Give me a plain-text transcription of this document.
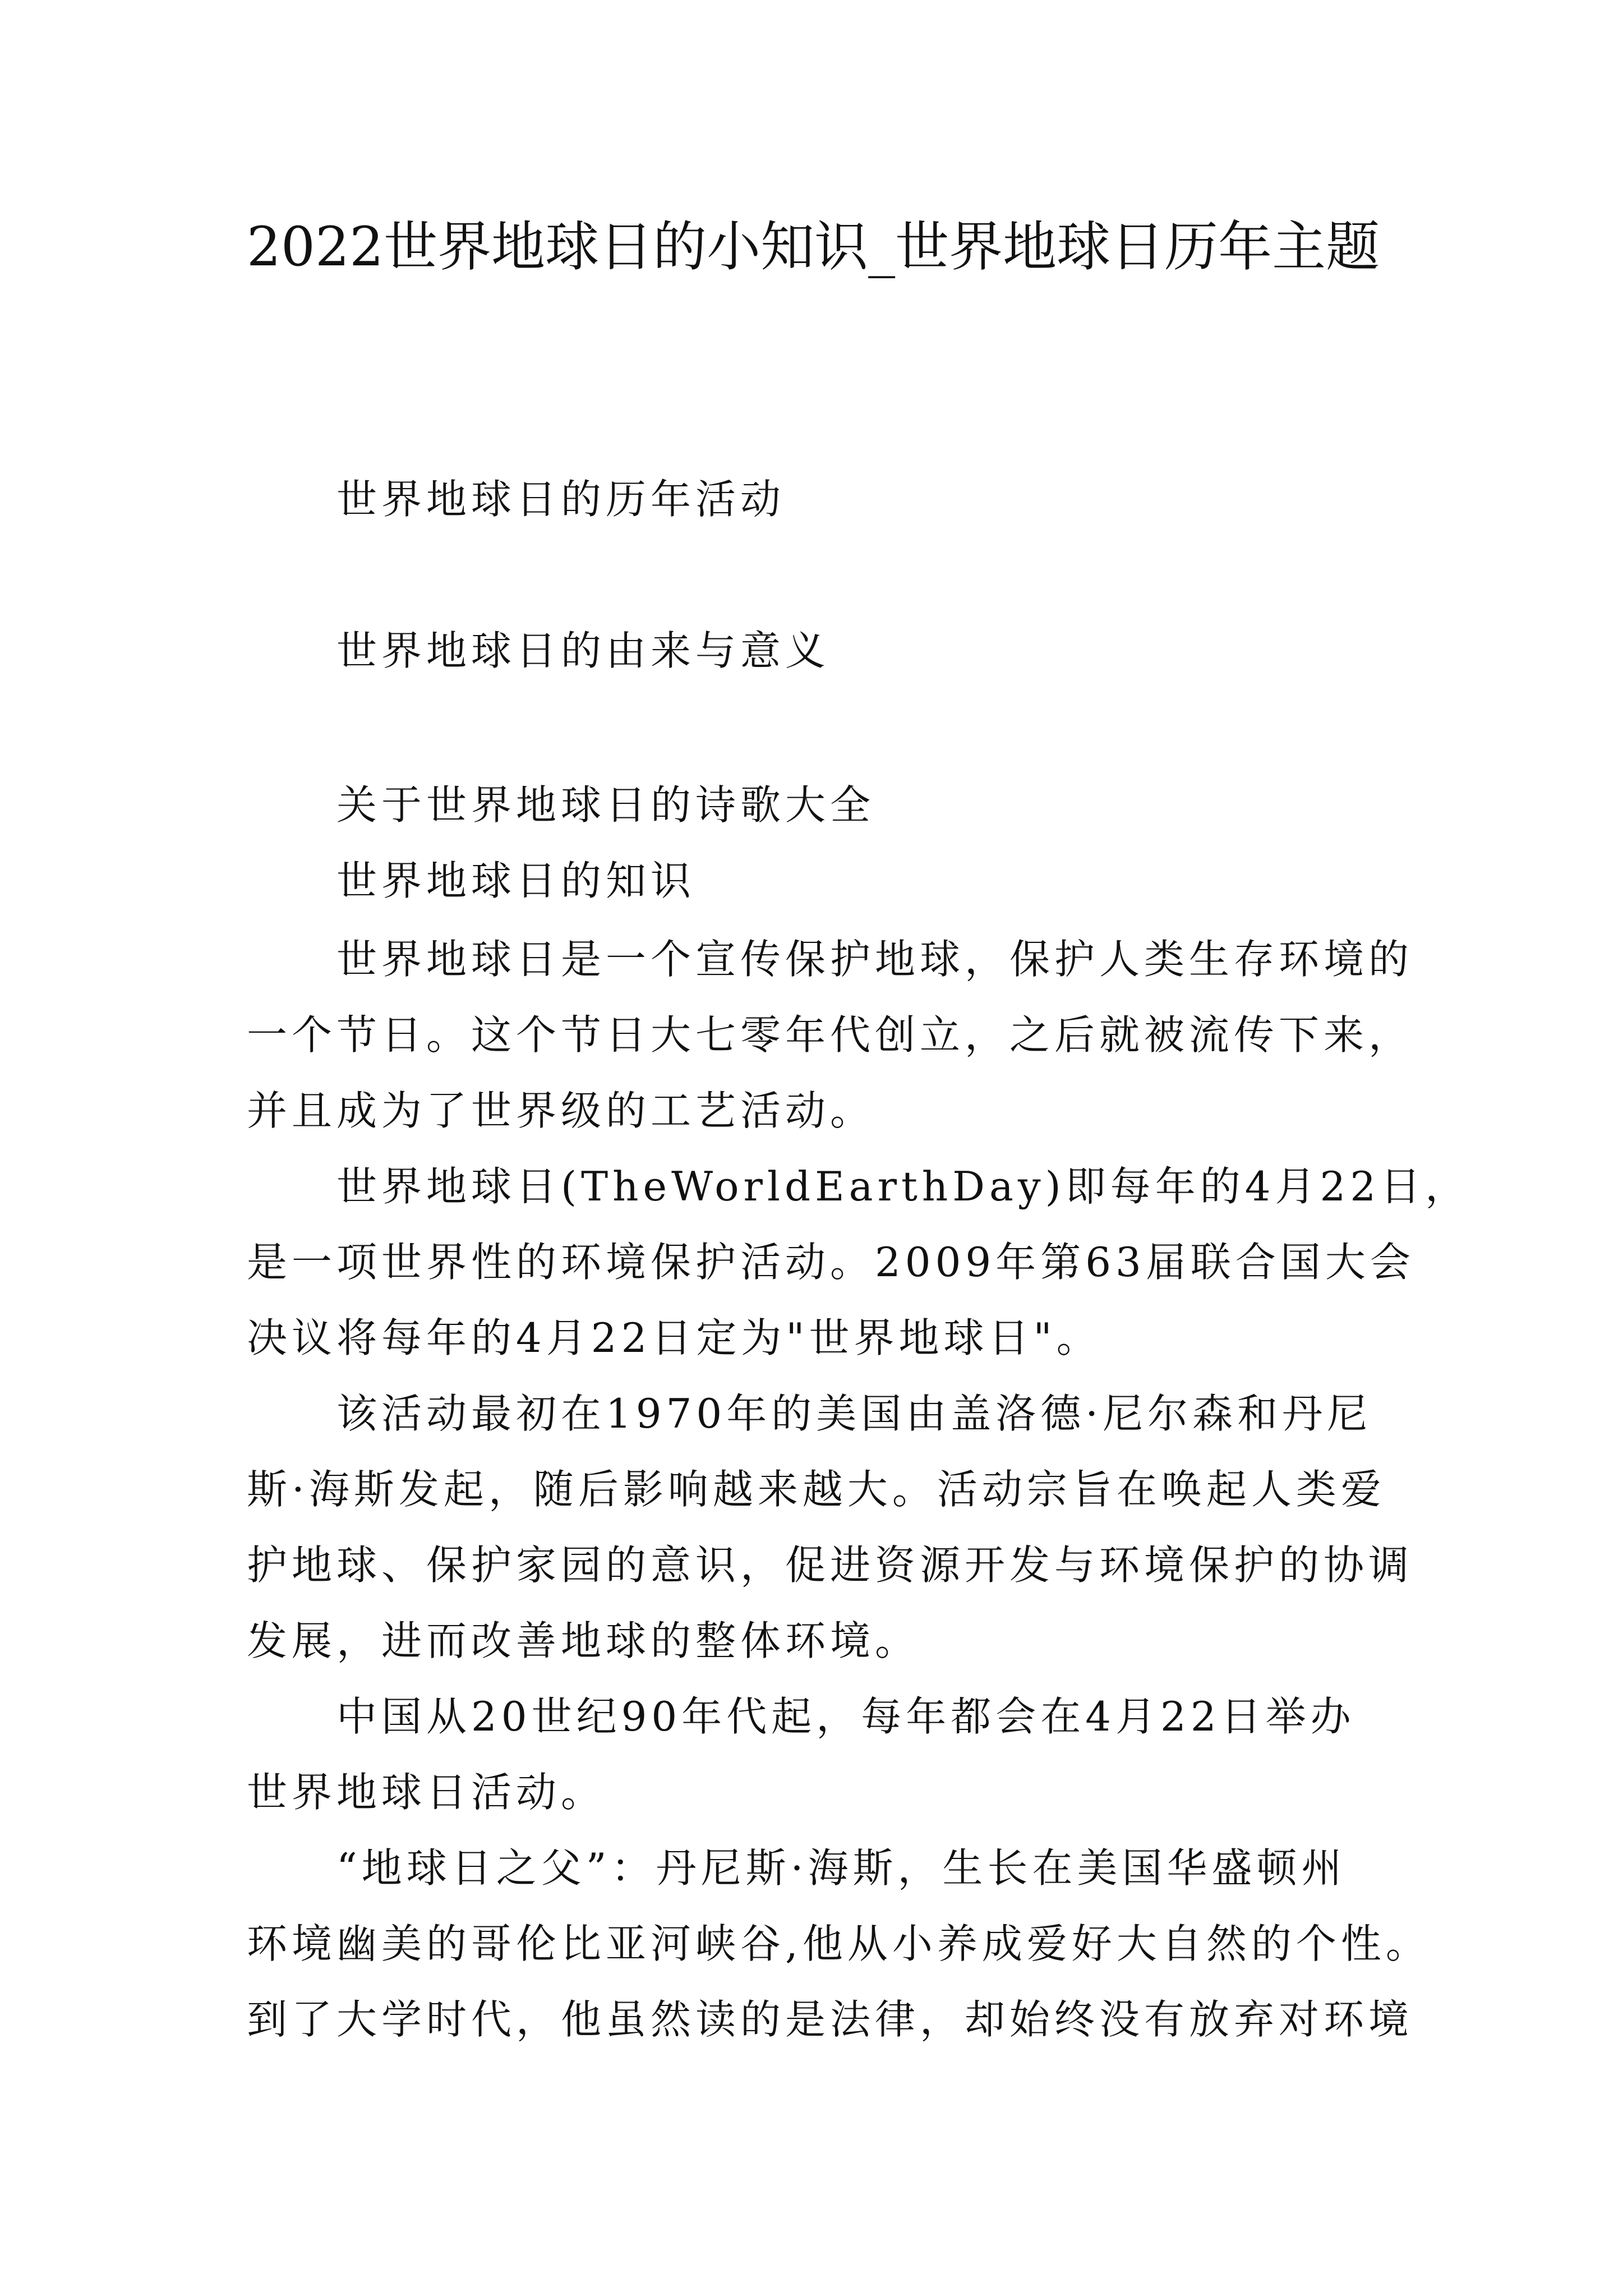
2022世界地球日的小知识_世界地球日历年主题

世界地球日的历年活动

世界地球日的由来与意义

关于世界地球日的诗歌大全

世界地球日的知识

世界地球日是一个宣传保护地球，保护人类生存环境的

一个节日。这个节日大七零年代创立，之后就被流传下来，

并且成为了世界级的工艺活动。

世界地球日(TheWorldEarthDay)即每年的4月22日，

是一项世界性的环境保护活动。2009年第63届联合国大会

决议将每年的4月22日定为"世界地球日"。

该活动最初在1970年的美国由盖洛德·尼尔森和丹尼

斯·海斯发起，随后影响越来越大。活动宗旨在唤起人类爱

护地球、保护家园的意识，促进资源开发与环境保护的协调

发展，进而改善地球的整体环境。

中国从20世纪90年代起，每年都会在4月22日举办

世界地球日活动。

“地球日之父”：丹尼斯·海斯，生长在美国华盛顿州

环境幽美的哥伦比亚河峡谷,他从小养成爱好大自然的个性。

到了大学时代，他虽然读的是法律，却始终没有放弃对环境
